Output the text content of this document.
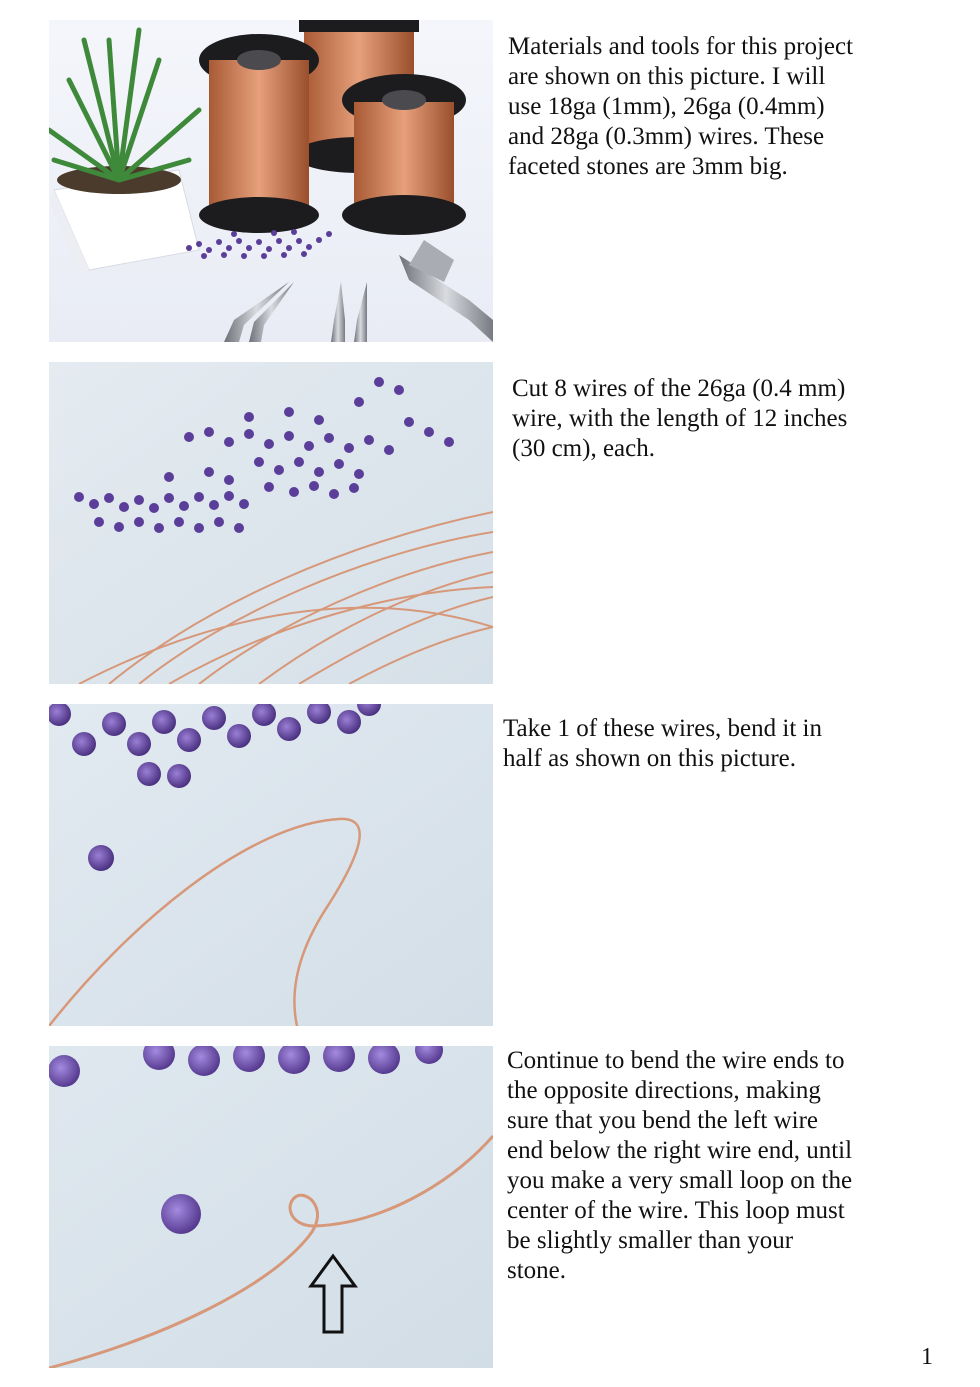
Materials and tools for this project
are shown on this picture. I will
use 18ga (1mm), 26ga (0.4mm)
and 28ga (0.3mm) wires. These
faceted stones are 3mm big.

Cut 8 wires of the 26ga (0.4 mm)
wire, with the length of 12 inches
(30 cm), each.

Take 1 of these wires, bend it in
half as shown on this picture.

Continue to bend the wire ends to
the opposite directions, making
sure that you bend the left wire
end below the right wire end, until
you make a very small loop on the
center of the wire. This loop must
be slightly smaller than your
stone.

1
